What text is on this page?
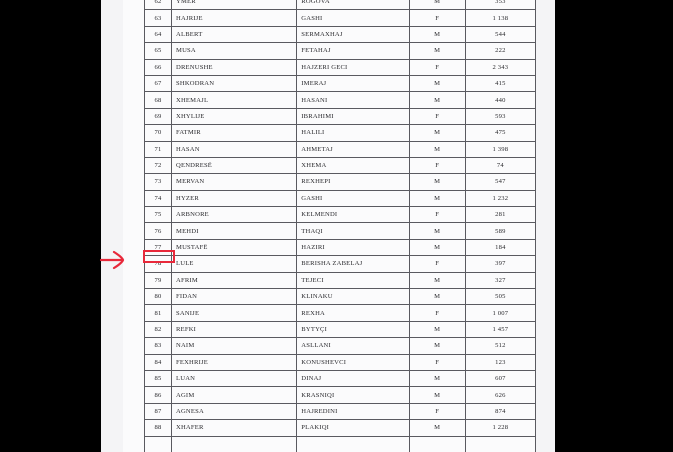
62	YMER	ROGOVA	M	353
63	HAJRIJE	GASHI	F	1 138
64	ALBERT	SERMAXHAJ	M	544
65	MUSA	FETAHAJ	M	222
66	DRENUSHE	HAJZERI GECI	F	2 343
67	SHKODRAN	IMERAJ	M	415
68	XHEMAJL	HASANI	M	440
69	XHYLIJE	IBRAHIMI	F	593
70	FATMIR	HALILI	M	475
71	HASAN	AHMETAJ	M	1 398
72	QENDRESË	XHEMA	F	74
73	MERVAN	REXHEPI	M	547
74	HYZER	GASHI	M	1 232
75	ARBNORE	KELMENDI	F	281
76	MEHDI	THAQI	M	589
77	MUSTAFË	HAZIRI	M	184
78	LULE	BERISHA ZABELAJ	F	397
79	AFRIM	TEJECI	M	327
80	FIDAN	KLINAKU	M	505
81	SANIJE	REXHA	F	1 007
82	REFKI	BYTYÇI	M	1 457
83	NAIM	ASLLANI	M	512
84	FEXHRIJE	KONUSHEVCI	F	123
85	LUAN	DINAJ	M	607
86	AGIM	KRASNIQI	M	626
87	AGNESA	HAJREDINI	F	874
88	XHAFER	PLAKIQI	M	1 228
